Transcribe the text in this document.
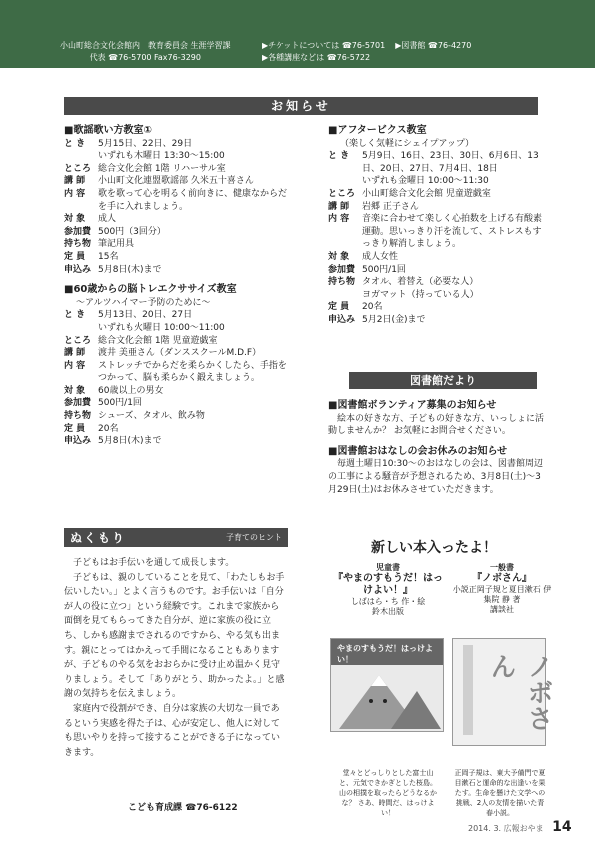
小山町総合文化会館内　教育委員会 生涯学習課
代表 ☎76-5700 Fax76-3290
▶チケットについては ☎76-5701 ▶図書館 ☎76-4270
▶各種講座などは ☎76-5722
お知らせ
■歌謡歌い方教室①
と き	5月15日、22日、29日
いずれも木曜日 13:30〜15:00
ところ 総合文化会館 1階 リハーサル室
講 師	小山町文化連盟歌謡部 久米五十喜さん
内 容	歌を歌って心を明るく前向きに、健康なからだを手に入れましょう。
対 象	成人
参加費 500円（3回分）
持ち物 筆記用具
定 員	15名
申込み 5月8日(木)まで
■60歳からの脳トレエクササイズ教室
〜アルツハイマー予防のために〜
と き	5月13日、20日、27日
いずれも火曜日 10:00〜11:00
ところ 総合文化会館 1階 児童遊戯室
講 師	渡井 美亜さん（ダンススクールM.D.F）
内 容	ストレッチでからだを柔らかくしたら、手指をつかって、脳も柔らかく鍛えましょう。
対 象	60歳以上の男女
参加費 500円/1回
持ち物 シューズ、タオル、飲み物
定 員	20名
申込み 5月8日(木)まで
■アフタービクス教室
（楽しく気軽にシェイプアップ）
と き	5月9日、16日、23日、30日、6月6日、13日、20日、27日、7月4日、18日
いずれも金曜日 10:00〜11:30
ところ 小山町総合文化会館 児童遊戯室
講 師	岩郷 正子さん
内 容	音楽に合わせて楽しく心拍数を上げる有酸素運動。思いっきり汗を流して、ストレスもすっきり解消しましょう。
対 象	成人女性
参加費 500円/1回
持ち物 タオル、着替え（必要な人）
ヨガマット（持っている人）
定 員	20名
申込み 5月2日(金)まで
図書館だより
■図書館ボランティア募集のお知らせ
絵本の好きな方、子どもの好きな方、いっしょに活動しませんか？ お気軽にお問合せください。
■図書館おはなしの会お休みのお知らせ
毎週土曜日10:30〜のおはなしの会は、図書館周辺の工事による騒音が予想されるため、3月8日(土)〜3月29日(土)はお休みさせていただきます。
新しい本入ったよ！
児童書
『やまのすもうだ！はっけよい！』
しばはら・ち 作・絵
鈴木出版
一般書
『ノボさん』
小説正岡子規と夏目漱石 伊集院 静 著
講談社
やまのすもうだ！はっけよい！	ノボさん
堂々とどっしりとした富士山と、元気できかぎとした桜島。山の相撲を取ったらどうなるかな？ さあ、時間だ、はっけよい！
正岡子規は、東大予備門で夏目漱石と運命的な出逢いを果たす。生命を懸けた文学への挑戦、2人の友情を描いた青春小説。
ぬくもり	子育てのヒント

子どもはお手伝いを通して成長します。

子どもは、親のしていることを見て、「わたしもお手伝いしたい。」とよく言うものです。お手伝いは「自分が人の役に立つ」という経験です。これまで家族から面倒を見てもらってきた自分が、逆に家族の役に立ち、しかも感謝までされるのですから、やる気も出ます。親にとってはかえって手間になることもありますが、子どものやる気をおおらかに受け止め温かく見守りましょう。そして「ありがとう、助かったよ。」と感謝の気持ちを伝えましょう。

家庭内で役割ができ、自分は家族の大切な一員であるという実感を得た子は、心が安定し、他人に対しても思いやりを持って接することができる子になっていきます。

こども育成課 ☎76-6122
2014. 3. 広報おやま 14
